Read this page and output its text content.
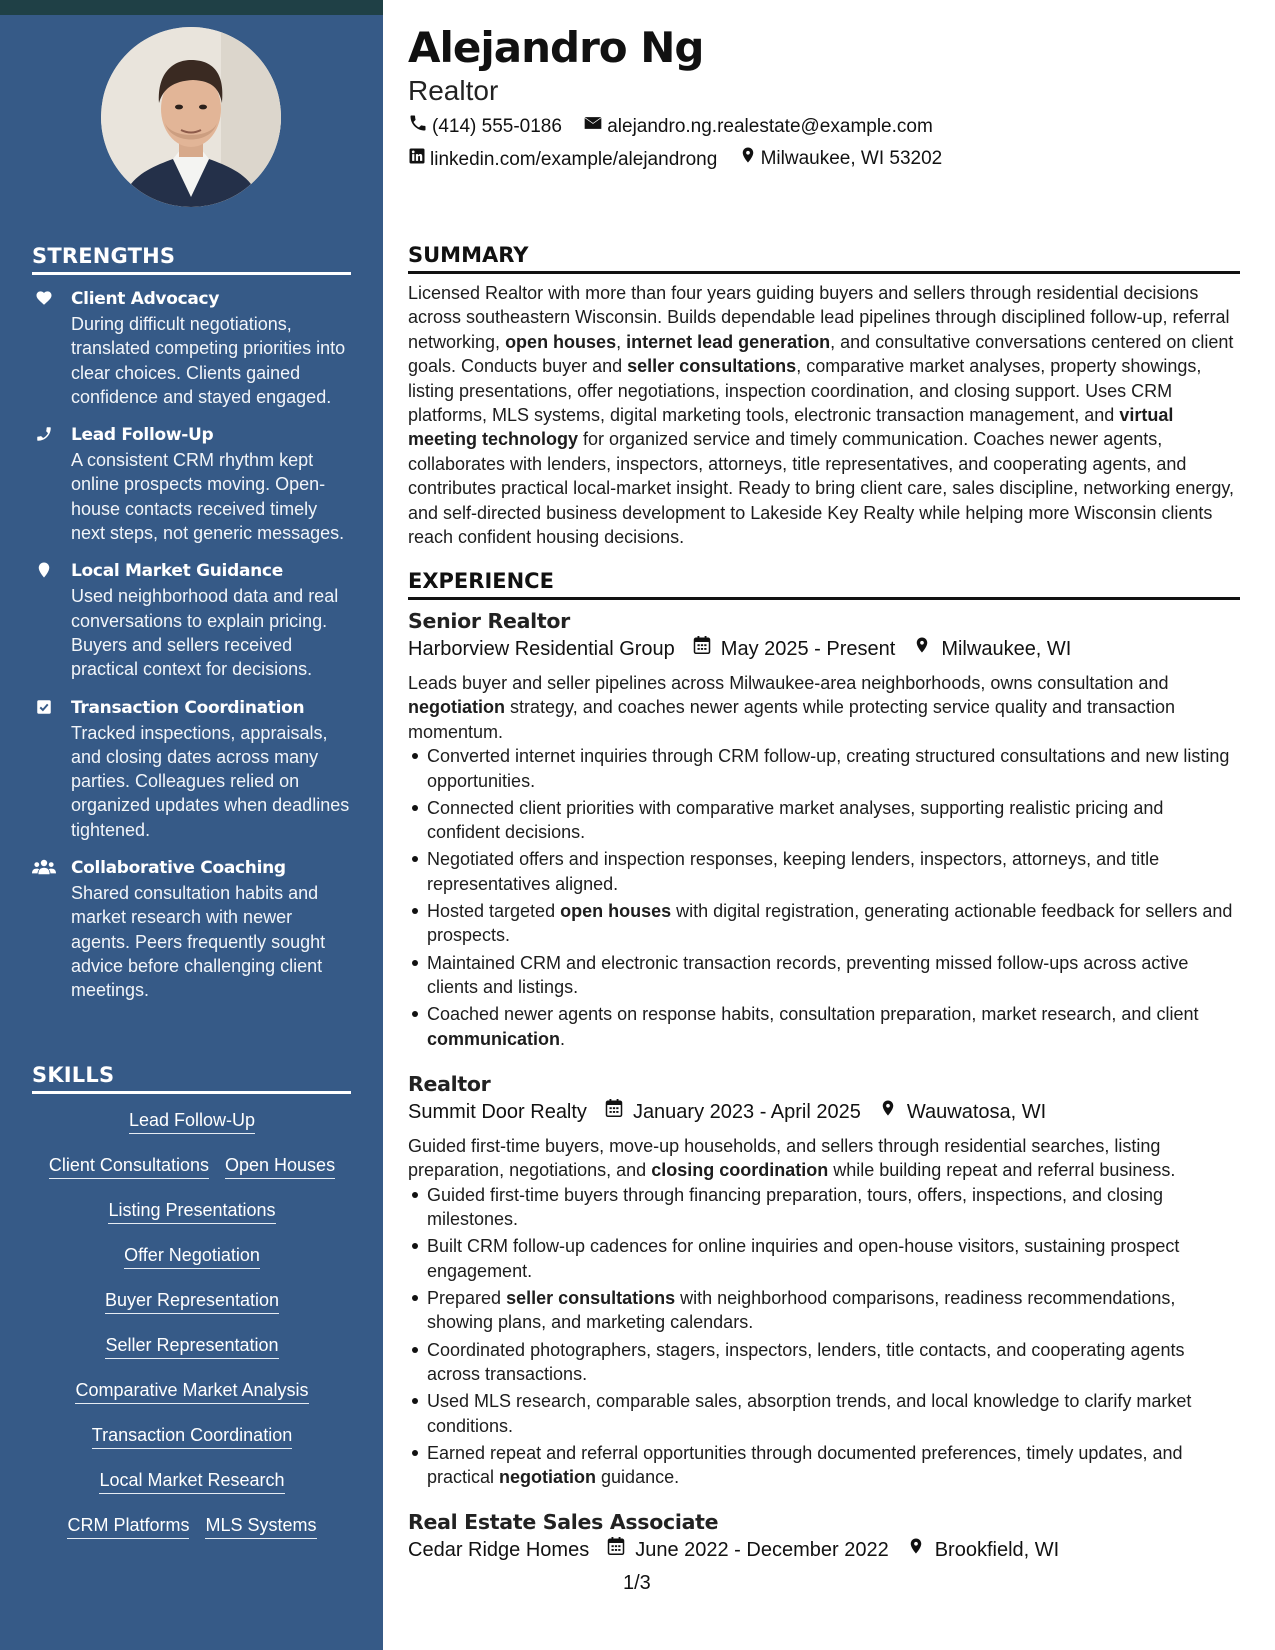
STRENGTHS
Client Advocacy
During difficult negotiations, translated competing priorities into clear choices. Clients gained confidence and stayed engaged.
Lead Follow-Up
A consistent CRM rhythm kept online prospects moving. Open-house contacts received timely next steps, not generic messages.
Local Market Guidance
Used neighborhood data and real conversations to explain pricing. Buyers and sellers received practical context for decisions.
Transaction Coordination
Tracked inspections, appraisals, and closing dates across many parties. Colleagues relied on organized updates when deadlines tightened.
Collaborative Coaching
Shared consultation habits and market research with newer agents. Peers frequently sought advice before challenging client meetings.
SKILLS
Lead Follow-Up
Client Consultations Open Houses
Listing Presentations
Offer Negotiation
Buyer Representation
Seller Representation
Comparative Market Analysis
Transaction Coordination
Local Market Research
CRM Platforms MLS Systems
Alejandro Ng
Realtor
(414) 555-0186
alejandro.ng.realestate@example.com
linkedin.com/example/alejandrong
Milwaukee, WI 53202
SUMMARY
Licensed Realtor with more than four years guiding buyers and sellers through residential decisions across southeastern Wisconsin. Builds dependable lead pipelines through disciplined follow-up, referral networking, open houses, internet lead generation, and consultative conversations centered on client goals. Conducts buyer and seller consultations, comparative market analyses, property showings, listing presentations, offer negotiations, inspection coordination, and closing support. Uses CRM platforms, MLS systems, digital marketing tools, electronic transaction management, and virtual meeting technology for organized service and timely communication. Coaches newer agents, collaborates with lenders, inspectors, attorneys, title representatives, and cooperating agents, and contributes practical local-market insight. Ready to bring client care, sales discipline, networking energy, and self-directed business development to Lakeside Key Realty while helping more Wisconsin clients reach confident housing decisions.
EXPERIENCE
Senior Realtor
Harborview Residential Group May 2025 - Present Milwaukee, WI
Leads buyer and seller pipelines across Milwaukee-area neighborhoods, owns consultation and negotiation strategy, and coaches newer agents while protecting service quality and transaction momentum.
Converted internet inquiries through CRM follow-up, creating structured consultations and new listing opportunities.
Connected client priorities with comparative market analyses, supporting realistic pricing and confident decisions.
Negotiated offers and inspection responses, keeping lenders, inspectors, attorneys, and title representatives aligned.
Hosted targeted open houses with digital registration, generating actionable feedback for sellers and prospects.
Maintained CRM and electronic transaction records, preventing missed follow-ups across active clients and listings.
Coached newer agents on response habits, consultation preparation, market research, and client communication.
Realtor
Summit Door Realty January 2023 - April 2025 Wauwatosa, WI
Guided first-time buyers, move-up households, and sellers through residential searches, listing preparation, negotiations, and closing coordination while building repeat and referral business.
Guided first-time buyers through financing preparation, tours, offers, inspections, and closing milestones.
Built CRM follow-up cadences for online inquiries and open-house visitors, sustaining prospect engagement.
Prepared seller consultations with neighborhood comparisons, readiness recommendations, showing plans, and marketing calendars.
Coordinated photographers, stagers, inspectors, lenders, title contacts, and cooperating agents across transactions.
Used MLS research, comparable sales, absorption trends, and local knowledge to clarify market conditions.
Earned repeat and referral opportunities through documented preferences, timely updates, and practical negotiation guidance.
Real Estate Sales Associate
Cedar Ridge Homes June 2022 - December 2022 Brookfield, WI
1/3
